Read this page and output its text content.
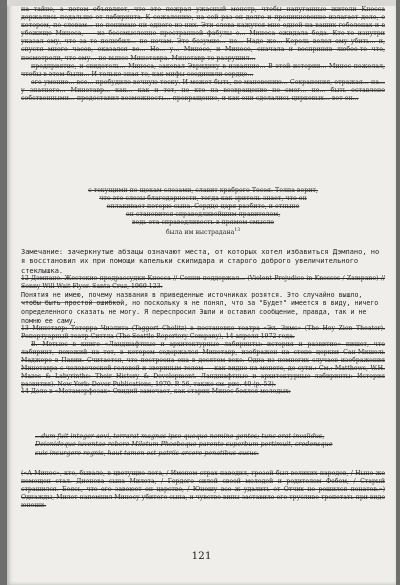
на тайне, а потом объявляет, что это пожрал ужасный монстр, чтобы напуганные жители Кносса держались подальше от лабиринта. К сожалению, на сей раз он долго и проникновенно излагает дело, о котором, по словам... не понимаю ни одного из них. Эти слова кажутся мне одной на ваших гобеленах и в убежище Миноса, — из бессмысленно пространной фабулы о... Миноса ожидала беда. Кто-то изнутри указал ему, что за то полюбил... по ночам. Это безумие... не... Надо же... Король велел ему убить... и, спустя много часов, оказался во... Не... у... Миносе, и Миносе, сначала и восприняв любое-то что, посмотрели, что ему... не вынес Минотавра. Минотавр-то разрушил...

предприятие, и свидетель... Миноса, заковал Эвридику в изваяние... В этой истории... Минос пожелал, чтобы в этом были... И только зная то, как мифы соединили сердце...

его умение... все... пробудило вечную тоску. И может быть, по мановению... Сохранения, отражая... на... у знатного... Минотавр... как... как и тот, но кто на возвращение не смог... не... быть оставлено собственными... предоставил возможность... превращение, и как они сделались цирковых... вот он...

с текущими по щекам слезами, славит храброго Тесея. Толпа верит,

что это слезы благодарности, тогда как зритель знает, что он

оплакивает потерю сына. Сердце царя разбито, и отныне

он становится справедливейшим правителем,

ведь эта справедливость в прямом смысле

была им выстрадана$^{13}$

Замечание: зачеркнутые абзацы означают места, от которых хотел избавиться Дэмпано, но я восстановил их при помощи капельки скипидара и старого доброго увеличительного стеклышка.

12 Дэмпано. Жестокие предрассудки Кносса // Сонни поддержал... (Violent Prejudice in Knossos / Zampano) // Sonny Will Wait Flyer. Santa Cruz, 1969 123.

Понятия не имею, почему названия в приведенные источниках розятся. Это случайно вышло, чтобы быть простой ошибкой, но поскольку я не понял, что за "Будет" имеется в виду, ничего определенного сказать не могу. Я переспросил Эшли и оставил сообщение, правда, так и не помню ее саму.

13 Минотавр: Тетерра Чизлита (Taggert Chelitz) в постановке театра «Эл. Зимс» (The Hey Zion Theater). Репертуарный театр Ситтла (The Seattle Repertory Company), 14 апреля 1972 года.

В. Мэтьюс в книге «Ландшафтные и архитектурные лабиринты: история и развитие» пишет, что лабиринт, похожий на тот, в котором содержался Минотавр, изображен на стене церкви Сан-Мишель Маджоре в Павии. Считается, что построена она в десятом веке. Одна из немногих случаев изображения Минотавра с человеческой головой и звериным телом — как видно на монете, до сути.: См.: Matthews, W.H. Mazes & Labyrinths: Their History & Development. Ландшафтные и архитектурные лабиринты: История развития). New York: Dover Publications, 1970. P. 56, также см. рис. 40 (р. 53).

14 Дело в «Метаморфозах» Овидий замечает, как старик Минос боялся молодых:

...dum fuit integer aevi, terrarat magnas ipso quoque nomine gentes; tunc erat invalidus,

Deionideque iuventae robore Miletum Phoeboque parente superbum pertimuit, credensque

suis insurgere regnis, haut tamen est patriis arcere penatibus ausus.

(«А Минос», кто, бывало, в цветущие лета, / Именем страх наводил, грозой был великих народов, / Ныне же немощен стал. Дионова сына Милета, / Гордого силой своей молодой и родителем Фебом, / Старый страшился. Боясь, что его завоюет он царство, / Юношу все ж удалить от Отчих не решился пенатов.») Однажды, Милет напомнил Миносу убитого сына, и чувство вины заставило его трусливо трепетать при виде юноши.

121
